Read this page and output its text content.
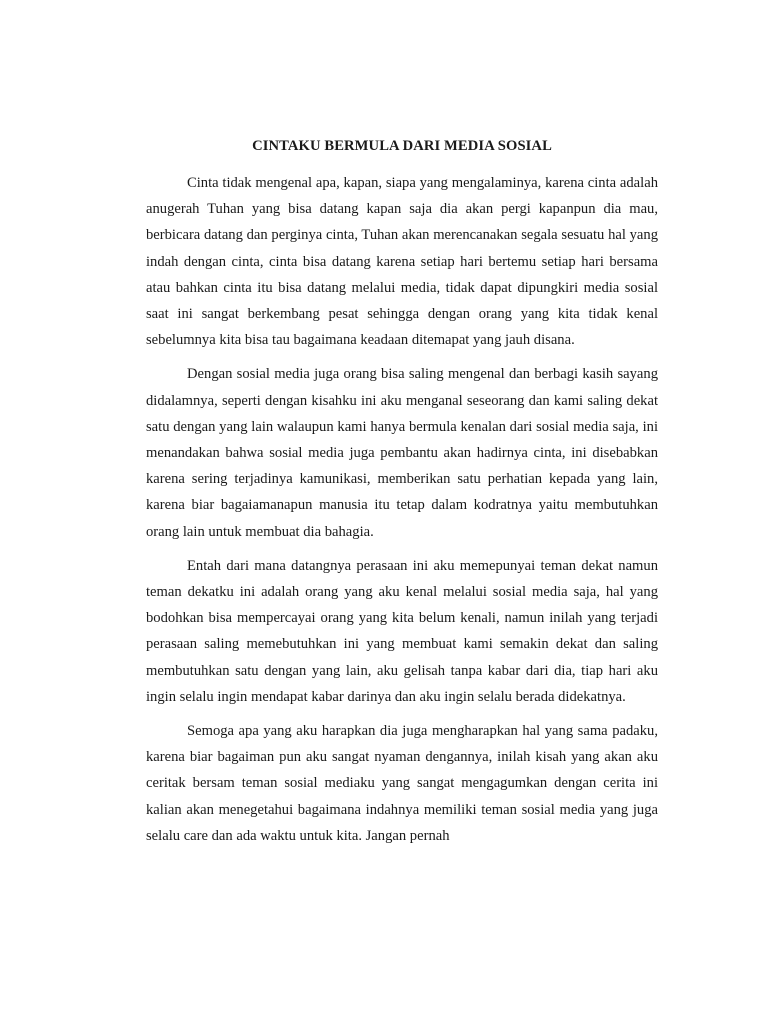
CINTAKU BERMULA DARI MEDIA SOSIAL

Cinta tidak mengenal apa, kapan, siapa yang mengalaminya, karena cinta adalah anugerah Tuhan yang bisa datang kapan saja dia akan pergi kapanpun dia mau, berbicara datang dan perginya cinta, Tuhan akan merencanakan segala sesuatu hal yang indah dengan cinta, cinta bisa datang karena setiap hari bertemu setiap hari bersama atau bahkan cinta itu bisa datang melalui media, tidak dapat dipungkiri media sosial saat ini sangat berkembang pesat sehingga dengan orang yang kita tidak kenal sebelumnya kita bisa tau bagaimana keadaan ditemapat yang jauh disana.

Dengan sosial media juga orang bisa saling mengenal dan berbagi kasih sayang didalamnya, seperti dengan kisahku ini aku menganal seseorang dan kami saling dekat satu dengan yang lain walaupun kami hanya bermula kenalan dari sosial media saja, ini menandakan bahwa sosial media juga pembantu akan hadirnya cinta, ini disebabkan karena sering terjadinya kamunikasi, memberikan satu perhatian kepada yang lain, karena biar bagaiamanapun manusia itu tetap dalam kodratnya yaitu membutuhkan orang lain untuk membuat dia bahagia.

Entah dari mana datangnya perasaan ini aku memepunyai teman dekat namun teman dekatku ini adalah orang yang aku kenal melalui sosial media saja, hal yang bodohkan bisa mempercayai orang yang kita belum kenali, namun inilah yang terjadi perasaan saling memebutuhkan ini yang membuat kami semakin dekat dan saling membutuhkan satu dengan yang lain, aku gelisah tanpa kabar dari dia, tiap hari aku ingin selalu ingin mendapat kabar darinya dan aku ingin selalu berada didekatnya.

Semoga apa yang aku harapkan dia juga mengharapkan hal yang sama padaku, karena biar bagaiman pun aku sangat nyaman dengannya, inilah kisah yang akan aku ceritak bersam teman sosial mediaku yang sangat mengagumkan dengan cerita ini kalian akan menegetahui bagaimana indahnya memiliki teman sosial media yang juga selalu care dan ada waktu untuk kita. Jangan pernah
